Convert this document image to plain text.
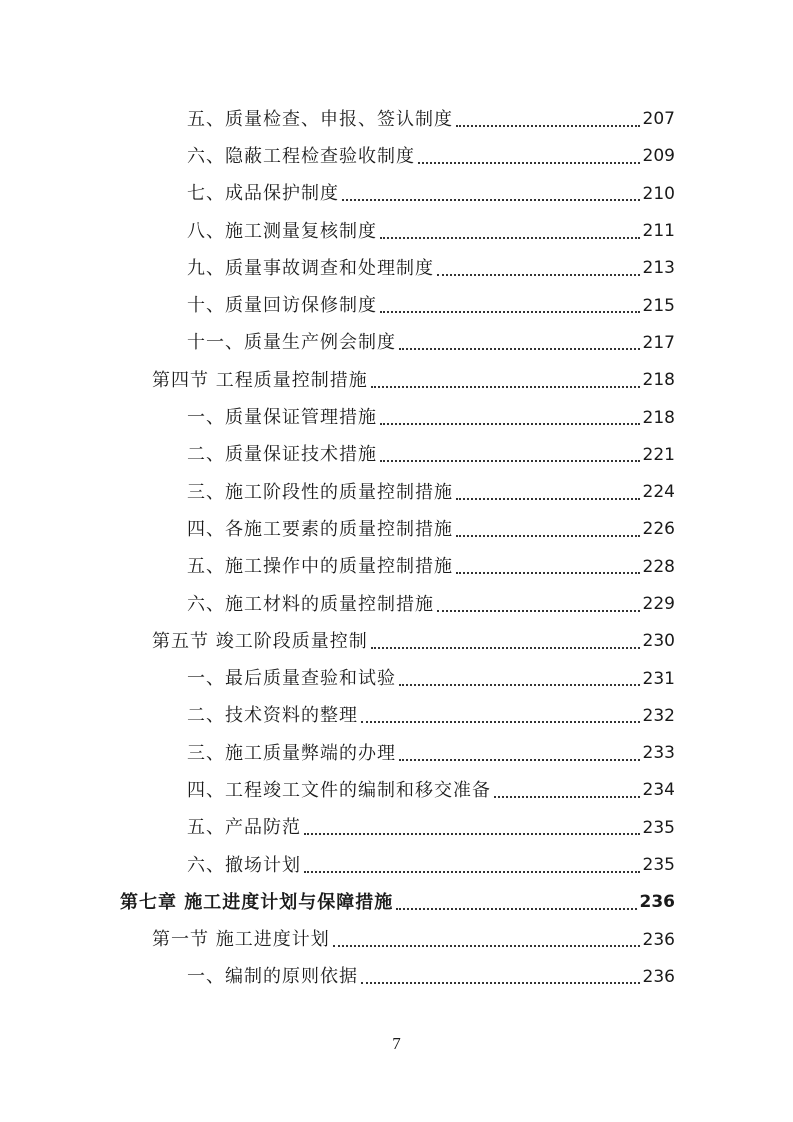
五、质量检查、申报、签认制度	207
六、隐蔽工程检查验收制度	209
七、成品保护制度	210
八、施工测量复核制度	211
九、质量事故调查和处理制度	213
十、质量回访保修制度	215
十一、质量生产例会制度	217
第四节 工程质量控制措施	218
一、质量保证管理措施	218
二、质量保证技术措施	221
三、施工阶段性的质量控制措施	224
四、各施工要素的质量控制措施	226
五、施工操作中的质量控制措施	228
六、施工材料的质量控制措施	229
第五节 竣工阶段质量控制	230
一、最后质量查验和试验	231
二、技术资料的整理	232
三、施工质量弊端的办理	233
四、工程竣工文件的编制和移交准备	234
五、产品防范	235
六、撤场计划	235
第七章 施工进度计划与保障措施	236
第一节 施工进度计划	236
一、编制的原则依据	236
7
